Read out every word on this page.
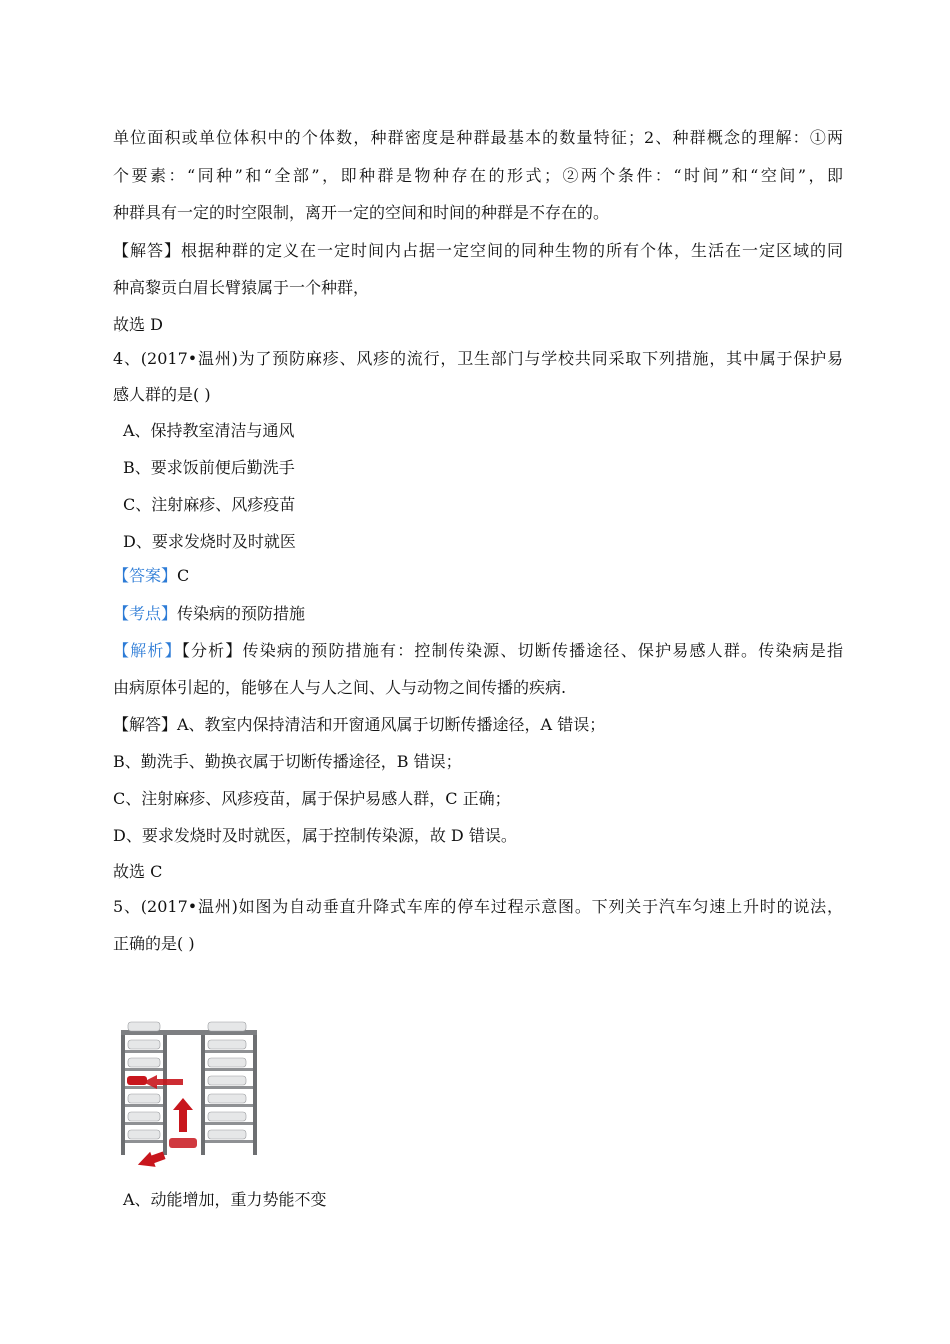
单位面积或单位体积中的个体数，种群密度是种群最基本的数量特征；2、种群概念的理解：①两
个要素：“同种”和“全部”，即种群是物种存在的形式；②两个条件：“时间”和“空间”，即
种群具有一定的时空限制，离开一定的空间和时间的种群是不存在的。
【解答】根据种群的定义在一定时间内占据一定空间的同种生物的所有个体，生活在一定区域的同
种高黎贡白眉长臂猿属于一个种群，
故选 D
4、(2017•温州)为了预防麻疹、风疹的流行，卫生部门与学校共同采取下列措施，其中属于保护易
感人群的是( )
A、保持教室清洁与通风
B、要求饭前便后勤洗手
C、注射麻疹、风疹疫苗
D、要求发烧时及时就医
【答案】C
【考点】传染病的预防措施
【解析】【分析】传染病的预防措施有：控制传染源、切断传播途径、保护易感人群。传染病是指
由病原体引起的，能够在人与人之间、人与动物之间传播的疾病.
【解答】A、教室内保持清洁和开窗通风属于切断传播途径，A 错误；
B、勤洗手、勤换衣属于切断传播途径，B 错误；
C、注射麻疹、风疹疫苗，属于保护易感人群，C 正确；
D、要求发烧时及时就医，属于控制传染源，故 D 错误。
故选 C
5、(2017•温州)如图为自动垂直升降式车库的停车过程示意图。下列关于汽车匀速上升时的说法，
正确的是( )
A、动能增加，重力势能不变
